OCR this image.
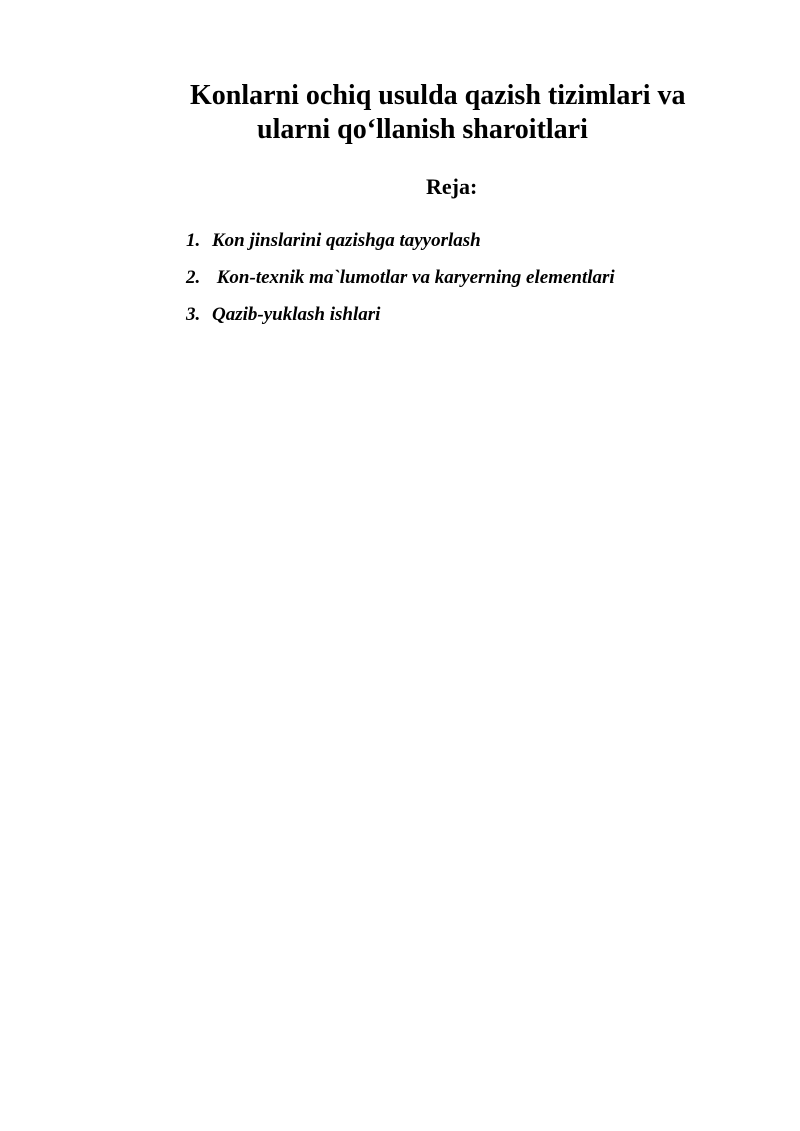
Konlarni ochiq usulda qazish tizimlari va
ularni qo‘llanish sharoitlari
Reja:
1. Kon jinslarini qazishga tayyorlash
2. Kon-texnik ma`lumotlar va karyerning elementlari
3. Qazib-yuklash ishlari
